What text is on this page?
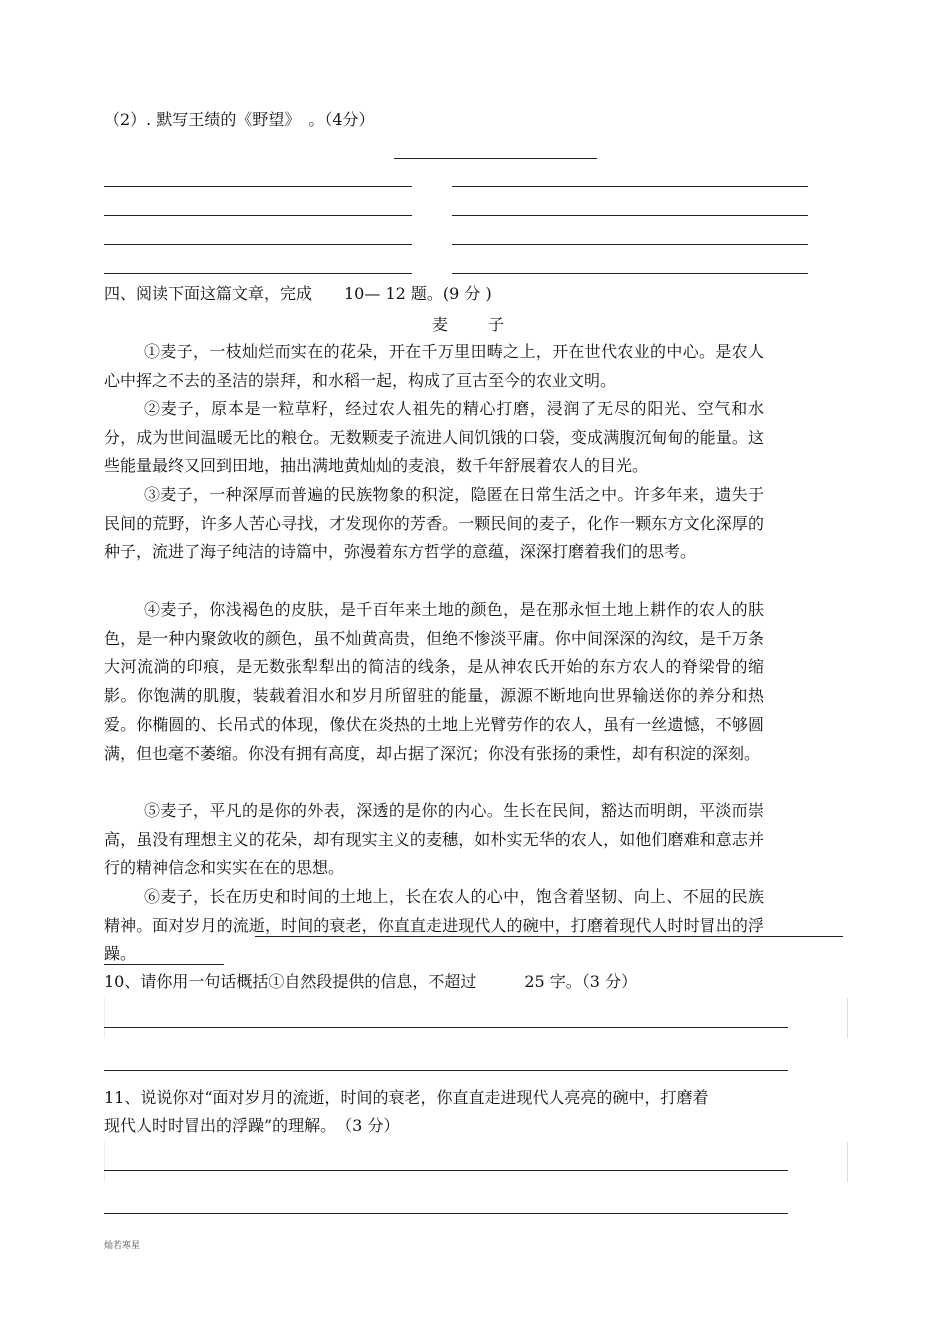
（2）. 默写王绩的《野望》　。（4分）
四、阅读下面这篇文章，完成　　10— 12 题。(9 分 )
麦子
①麦子，一枝灿烂而实在的花朵，开在千万里田畴之上，开在世代农业的中心。是农人心中挥之不去的圣洁的崇拜，和水稻一起，构成了亘古至今的农业文明。
②麦子，原本是一粒草籽，经过农人祖先的精心打磨，浸润了无尽的阳光、空气和水分，成为世间温暖无比的粮仓。无数颗麦子流进人间饥饿的口袋，变成满腹沉甸甸的能量。这些能量最终又回到田地，抽出满地黄灿灿的麦浪，数千年舒展着农人的目光。
③麦子，一种深厚而普遍的民族物象的积淀，隐匿在日常生活之中。许多年来，遗失于民间的荒野，许多人苦心寻找，才发现你的芳香。一颗民间的麦子，化作一颗东方文化深厚的种子，流进了海子纯洁的诗篇中，弥漫着东方哲学的意蕴，深深打磨着我们的思考。
④麦子，你浅褐色的皮肤，是千百年来土地的颜色，是在那永恒土地上耕作的农人的肤色，是一种内聚敛收的颜色，虽不灿黄高贵，但绝不惨淡平庸。你中间深深的沟纹，是千万条大河流淌的印痕，是无数张犁犁出的简洁的线条，是从神农氏开始的东方农人的脊梁骨的缩影。你饱满的肌腹，装载着泪水和岁月所留驻的能量，源源不断地向世界输送你的养分和热爱。你椭圆的、长吊式的体现，像伏在炎热的土地上光臂劳作的农人，虽有一丝遗憾，不够圆满，但也毫不萎缩。你没有拥有高度，却占据了深沉；你没有张扬的秉性，却有积淀的深刻。
⑤麦子，平凡的是你的外表，深透的是你的内心。生长在民间，豁达而明朗，平淡而崇高，虽没有理想主义的花朵，却有现实主义的麦穗，如朴实无华的农人，如他们磨难和意志并行的精神信念和实实在在的思想。
⑥麦子，长在历史和时间的土地上，长在农人的心中，饱含着坚韧、向上、不屈的民族精神。面对岁月的流逝，时间的衰老，你直直走进现代人的碗中，打磨着现代人时时冒出的浮躁。
10、请你用一句话概括①自然段提供的信息，不超过　　　25 字。（3 分）
11、说说你对“面对岁月的流逝，时间的衰老，你直直走进现代人亮亮的碗中，打磨着
现代人时时冒出的浮躁”的理解。　（3 分）
灿若寒星
